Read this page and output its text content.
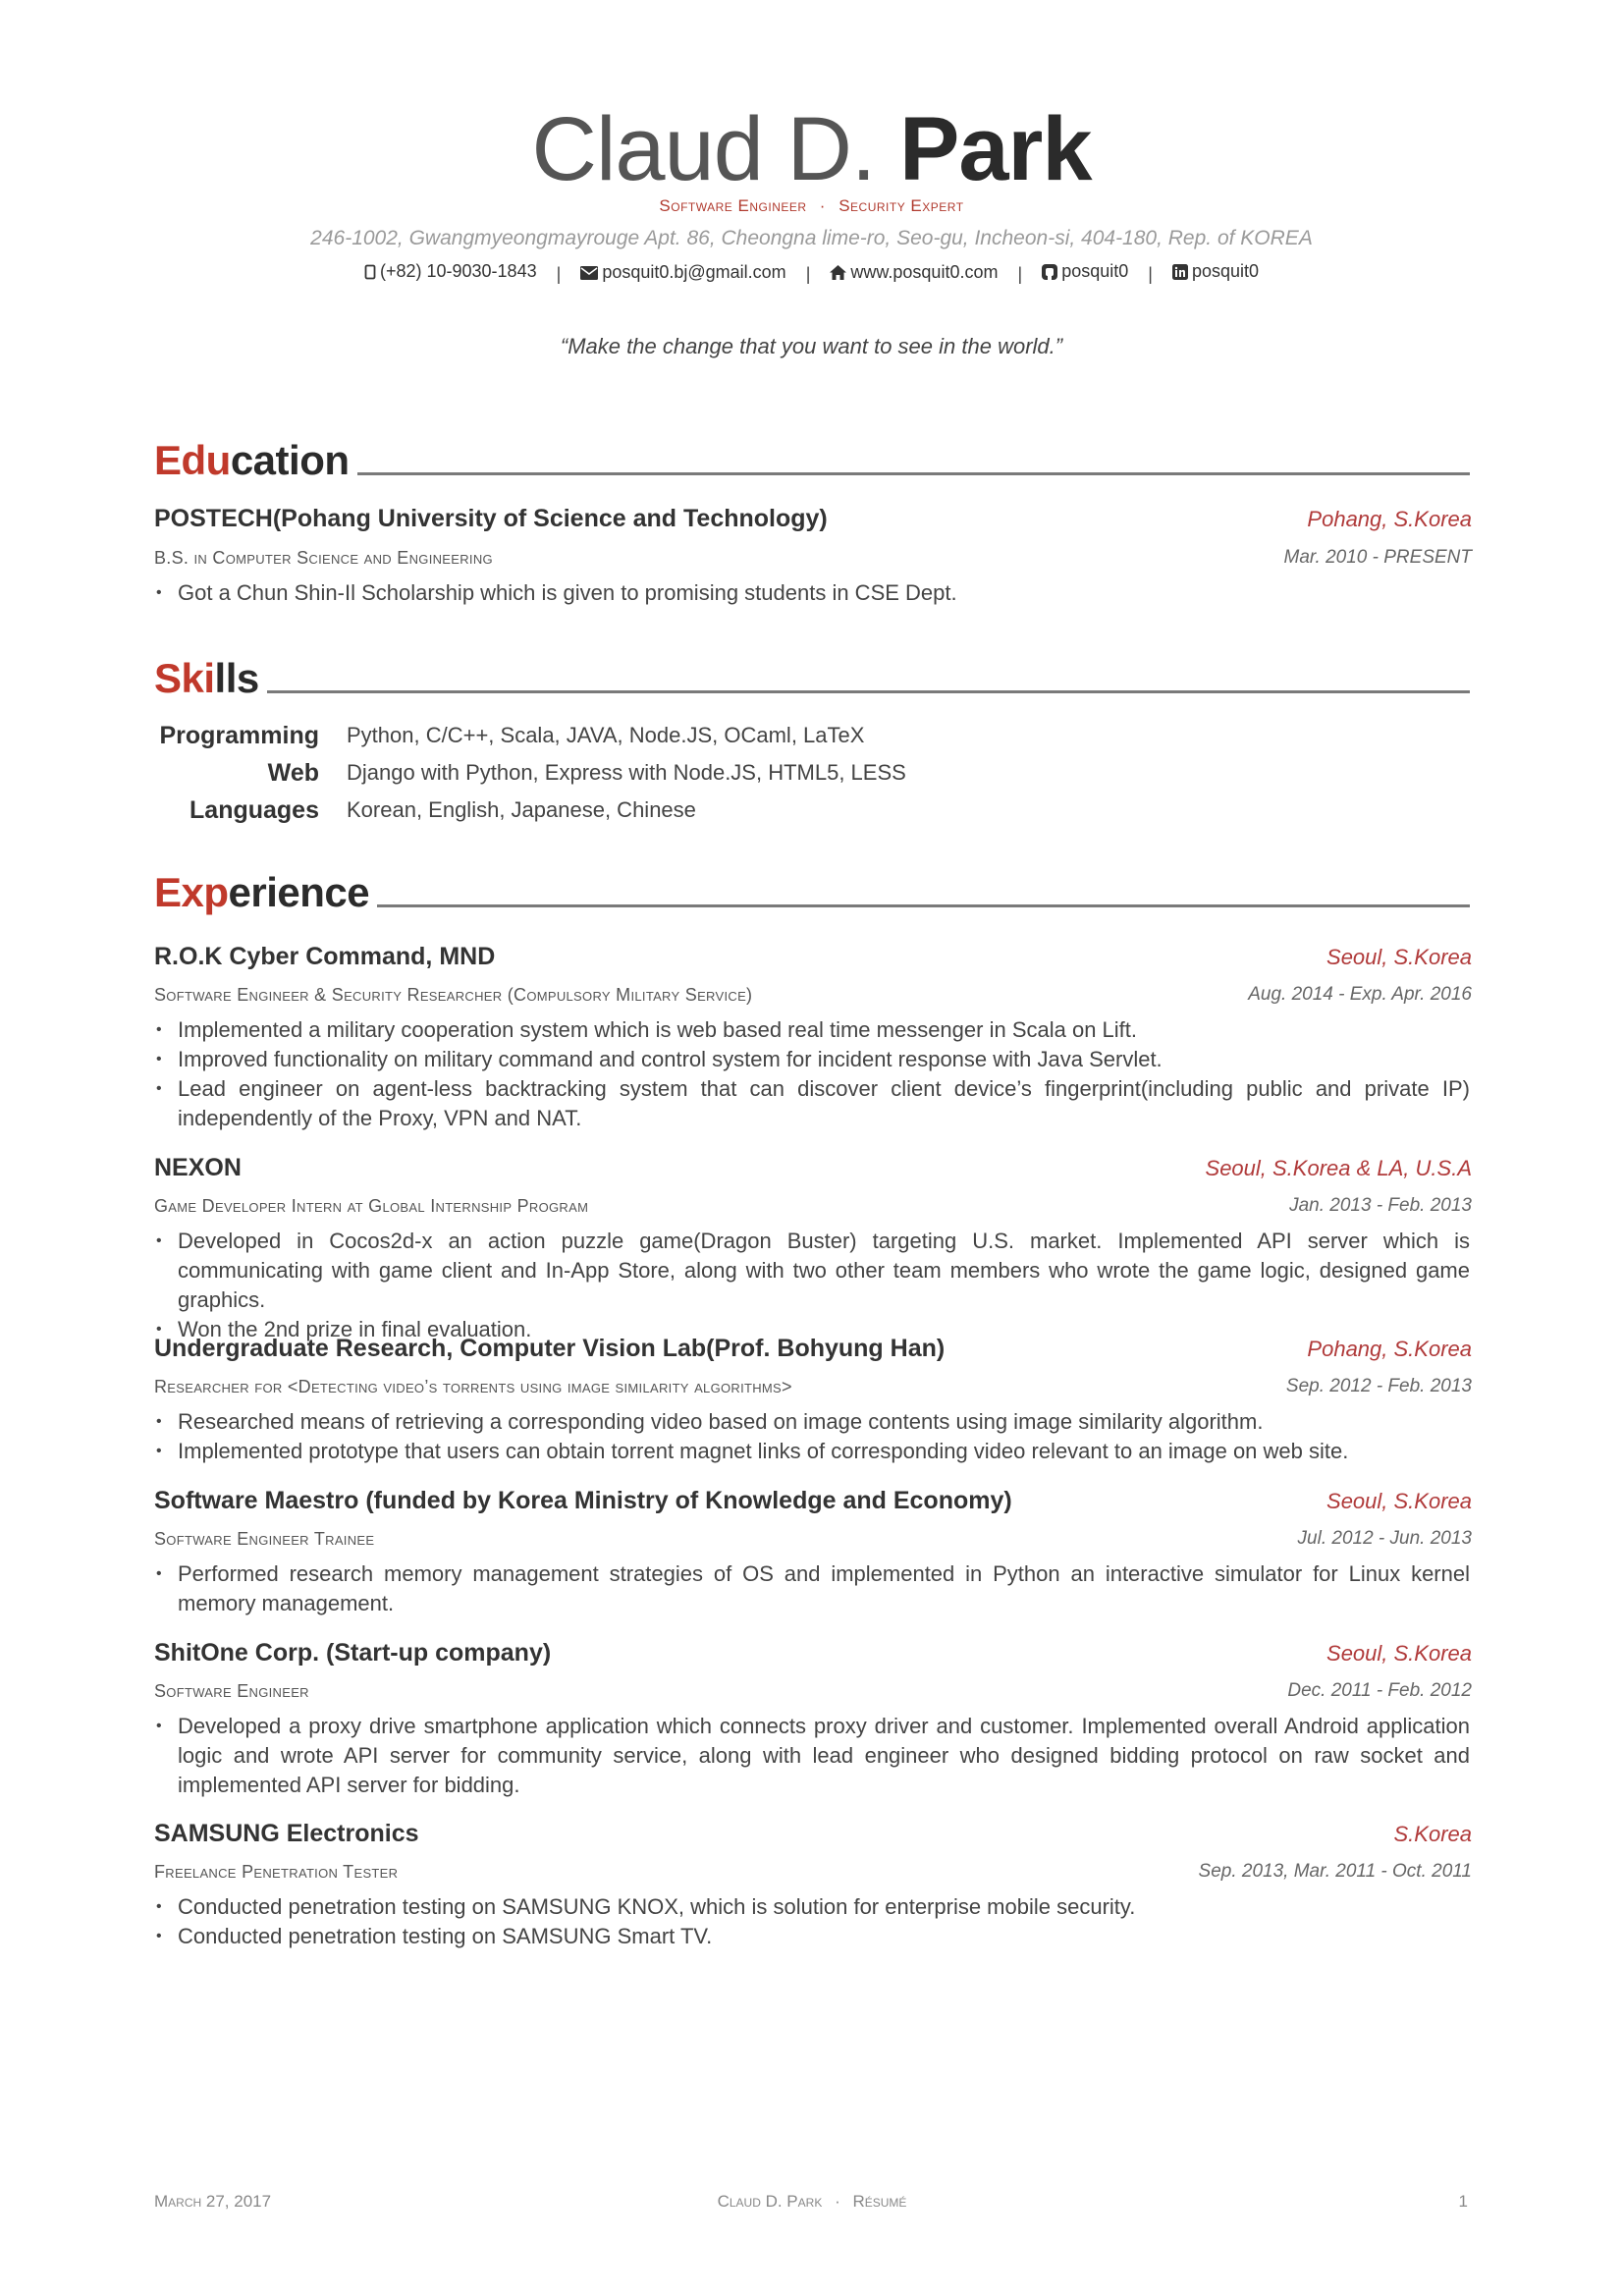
Claud D. Park
Software Engineer · Security Expert
246-1002, Gwangmyeongmayrouge Apt. 86, Cheongna lime-ro, Seo-gu, Incheon-si, 404-180, Rep. of KOREA
(+82) 10-9030-1843 | posquit0.bj@gmail.com | www.posquit0.com | posquit0 | posquit0
“Make the change that you want to see in the world.”
Education
POSTECH(Pohang University of Science and Technology)	Pohang, S.Korea
B.S. in Computer Science and Engineering	Mar. 2010 - PRESENT
• Got a Chun Shin-Il Scholarship which is given to promising students in CSE Dept.
Skills
Programming Python, C/C++, Scala, JAVA, Node.JS, OCaml, LaTeX
Web Django with Python, Express with Node.JS, HTML5, LESS
Languages Korean, English, Japanese, Chinese
Experience
R.O.K Cyber Command, MND	Seoul, S.Korea
Software Engineer & Security Researcher (Compulsory Military Service)	Aug. 2014 - Exp. Apr. 2016
• Implemented a military cooperation system which is web based real time messenger in Scala on Lift.
• Improved functionality on military command and control system for incident response with Java Servlet.
• Lead engineer on agent-less backtracking system that can discover client device’s fingerprint(including public and private IP) independently of the Proxy, VPN and NAT.
NEXON	Seoul, S.Korea & LA, U.S.A
Game Developer Intern at Global Internship Program	Jan. 2013 - Feb. 2013
• Developed in Cocos2d-x an action puzzle game(Dragon Buster) targeting U.S. market. Implemented API server which is communicating with game client and In-App Store, along with two other team members who wrote the game logic, designed game graphics.
• Won the 2nd prize in final evaluation.
Undergraduate Research, Computer Vision Lab(Prof. Bohyung Han)	Pohang, S.Korea
Researcher for <Detecting video’s torrents using image similarity algorithms>	Sep. 2012 - Feb. 2013
• Researched means of retrieving a corresponding video based on image contents using image similarity algorithm.
• Implemented prototype that users can obtain torrent magnet links of corresponding video relevant to an image on web site.
Software Maestro (funded by Korea Ministry of Knowledge and Economy)	Seoul, S.Korea
Software Engineer Trainee	Jul. 2012 - Jun. 2013
• Performed research memory management strategies of OS and implemented in Python an interactive simulator for Linux kernel memory management.
ShitOne Corp. (Start-up company)	Seoul, S.Korea
Software Engineer	Dec. 2011 - Feb. 2012
• Developed a proxy drive smartphone application which connects proxy driver and customer. Implemented overall Android application logic and wrote API server for community service, along with lead engineer who designed bidding protocol on raw socket and implemented API server for bidding.
SAMSUNG Electronics	S.Korea
Freelance Penetration Tester	Sep. 2013, Mar. 2011 - Oct. 2011
• Conducted penetration testing on SAMSUNG KNOX, which is solution for enterprise mobile security.
• Conducted penetration testing on SAMSUNG Smart TV.
March 27, 2017	Claud D. Park · Résumé	1
